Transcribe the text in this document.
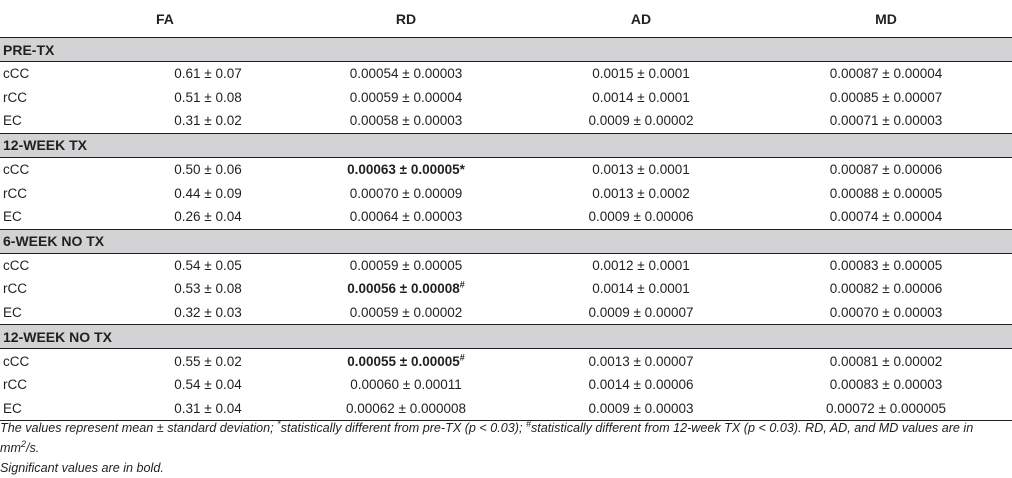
	FA	RD	AD	MD
PRE-TX				
cCC	0.61 ± 0.07	0.00054 ± 0.00003	0.0015 ± 0.0001	0.00087 ± 0.00004
rCC	0.51 ± 0.08	0.00059 ± 0.00004	0.0014 ± 0.0001	0.00085 ± 0.00007
EC	0.31 ± 0.02	0.00058 ± 0.00003	0.0009 ± 0.00002	0.00071 ± 0.00003
12-WEEK TX				
cCC	0.50 ± 0.06	0.00063 ± 0.00005*	0.0013 ± 0.0001	0.00087 ± 0.00006
rCC	0.44 ± 0.09	0.00070 ± 0.00009	0.0013 ± 0.0002	0.00088 ± 0.00005
EC	0.26 ± 0.04	0.00064 ± 0.00003	0.0009 ± 0.00006	0.00074 ± 0.00004
6-WEEK NO TX				
cCC	0.54 ± 0.05	0.00059 ± 0.00005	0.0012 ± 0.0001	0.00083 ± 0.00005
rCC	0.53 ± 0.08	0.00056 ± 0.00008#	0.0014 ± 0.0001	0.00082 ± 0.00006
EC	0.32 ± 0.03	0.00059 ± 0.00002	0.0009 ± 0.00007	0.00070 ± 0.00003
12-WEEK NO TX				
cCC	0.55 ± 0.02	0.00055 ± 0.00005#	0.0013 ± 0.00007	0.00081 ± 0.00002
rCC	0.54 ± 0.04	0.00060 ± 0.00011	0.0014 ± 0.00006	0.00083 ± 0.00003
EC	0.31 ± 0.04	0.00062 ± 0.000008	0.0009 ± 0.00003	0.00072 ± 0.000005
The values represent mean ± standard deviation; *statistically different from pre-TX (p < 0.03); #statistically different from 12-week TX (p < 0.03). RD, AD, and MD values are in $mm^2/s$.
Significant values are in bold.
